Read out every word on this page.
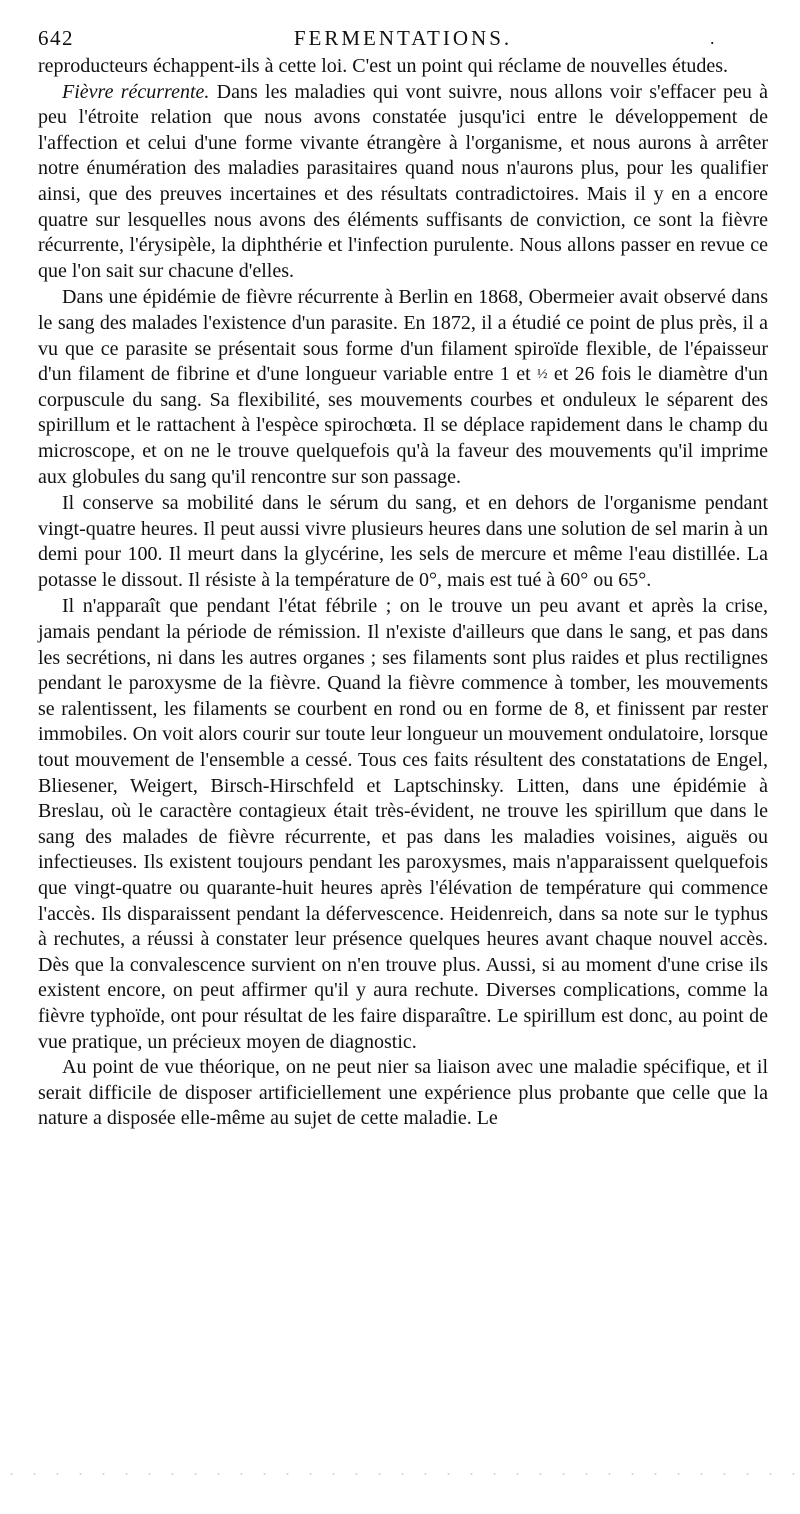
642	FERMENTATIONS.	.

reproducteurs échappent-ils à cette loi. C'est un point qui réclame de nouvelles études.

Fièvre récurrente. Dans les maladies qui vont suivre, nous allons voir s'effacer peu à peu l'étroite relation que nous avons constatée jusqu'ici entre le développement de l'affection et celui d'une forme vivante étrangère à l'organisme, et nous aurons à arrêter notre énumération des maladies parasitaires quand nous n'aurons plus, pour les qualifier ainsi, que des preuves incertaines et des résultats contradictoires. Mais il y en a encore quatre sur lesquelles nous avons des éléments suffisants de conviction, ce sont la fièvre récurrente, l'érysipèle, la diphthérie et l'infection purulente. Nous allons passer en revue ce que l'on sait sur chacune d'elles.

Dans une épidémie de fièvre récurrente à Berlin en 1868, Obermeier avait observé dans le sang des malades l'existence d'un parasite. En 1872, il a étudié ce point de plus près, il a vu que ce parasite se présentait sous forme d'un filament spiroïde flexible, de l'épaisseur d'un filament de fibrine et d'une longueur variable entre 1 et ½ et 26 fois le diamètre d'un corpuscule du sang. Sa flexibilité, ses mouvements courbes et onduleux le séparent des spirillum et le rattachent à l'espèce spirochœta. Il se déplace rapidement dans le champ du microscope, et on ne le trouve quelquefois qu'à la faveur des mouvements qu'il imprime aux globules du sang qu'il rencontre sur son passage.

Il conserve sa mobilité dans le sérum du sang, et en dehors de l'organisme pendant vingt-quatre heures. Il peut aussi vivre plusieurs heures dans une solution de sel marin à un demi pour 100. Il meurt dans la glycérine, les sels de mercure et même l'eau distillée. La potasse le dissout. Il résiste à la température de 0°, mais est tué à 60° ou 65°.

Il n'apparaît que pendant l'état fébrile ; on le trouve un peu avant et après la crise, jamais pendant la période de rémission. Il n'existe d'ailleurs que dans le sang, et pas dans les secrétions, ni dans les autres organes ; ses filaments sont plus raides et plus rectilignes pendant le paroxysme de la fièvre. Quand la fièvre commence à tomber, les mouvements se ralentissent, les filaments se courbent en rond ou en forme de 8, et finissent par rester immobiles. On voit alors courir sur toute leur longueur un mouvement ondulatoire, lorsque tout mouvement de l'ensemble a cessé. Tous ces faits résultent des constatations de Engel, Bliesener, Weigert, Birsch-Hirschfeld et Laptschinsky. Litten, dans une épidémie à Breslau, où le caractère contagieux était très-évident, ne trouve les spirillum que dans le sang des malades de fièvre récurrente, et pas dans les maladies voisines, aiguës ou infectieuses. Ils existent toujours pendant les paroxysmes, mais n'apparaissent quelquefois que vingt-quatre ou quarante-huit heures après l'élévation de température qui commence l'accès. Ils disparaissent pendant la défervescence. Heidenreich, dans sa note sur le typhus à rechutes, a réussi à constater leur présence quelques heures avant chaque nouvel accès. Dès que la convalescence survient on n'en trouve plus. Aussi, si au moment d'une crise ils existent encore, on peut affirmer qu'il y aura rechute. Diverses complications, comme la fièvre typhoïde, ont pour résultat de les faire disparaître. Le spirillum est donc, au point de vue pratique, un précieux moyen de diagnostic.

Au point de vue théorique, on ne peut nier sa liaison avec une maladie spécifique, et il serait difficile de disposer artificiellement une expérience plus probante que celle que la nature a disposée elle-même au sujet de cette maladie. Le
